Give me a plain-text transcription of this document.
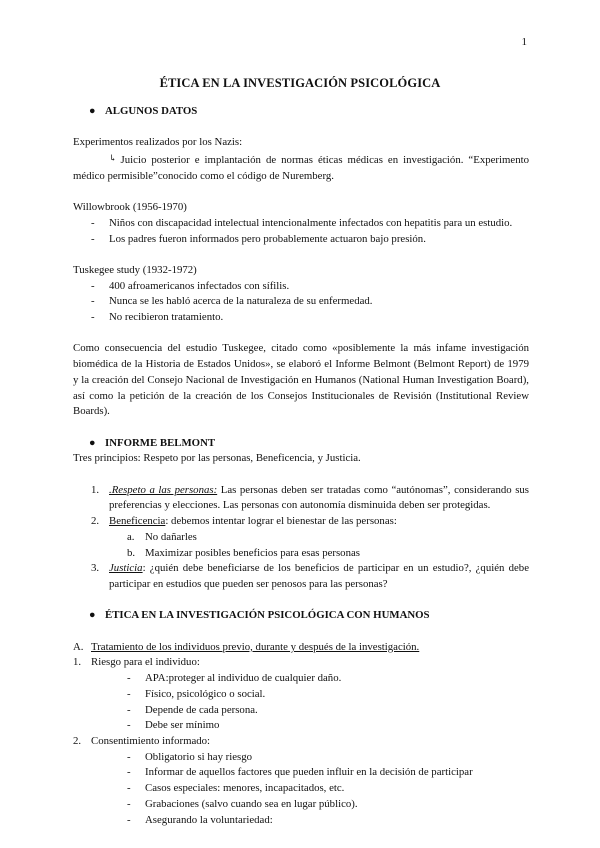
1
ÉTICA EN LA INVESTIGACIÓN PSICOLÓGICA

● ALGUNOS DATOS

Experimentos realizados por los Nazis:

↳ Juicio posterior e implantación de normas éticas médicas en investigación. “Experimento médico permisible”conocido como el código de Nuremberg.

Willowbrook (1956-1970)

- Niños con discapacidad intelectual intencionalmente infectados con hepatitis para un estudio.

- Los padres fueron informados pero probablemente actuaron bajo presión.

Tuskegee study (1932-1972)

- 400 afroamericanos infectados con sífilis.

- Nunca se les habló acerca de la naturaleza de su enfermedad.

- No recibieron tratamiento.

Como consecuencia del estudio Tuskegee, citado como «posiblemente la más infame investigación biomédica de la Historia de Estados Unidos», se elaboró el Informe Belmont (Belmont Report) de 1979 y la creación del Consejo Nacional de Investigación en Humanos (National Human Investigation Board), así como la petición de la creación de los Consejos Institucionales de Revisión (Institutional Review Boards).

● INFORME BELMONT

Tres principios: Respeto por las personas, Beneficencia, y Justicia.

1. .Respeto a las personas: Las personas deben ser tratadas como “autónomas”, considerando sus preferencias y elecciones. Las personas con autonomía disminuida deben ser protegidas.

2. Beneficencia: debemos intentar lograr el bienestar de las personas:

a. No dañarles

b. Maximizar posibles beneficios para esas personas

3. Justicia: ¿quién debe beneficiarse de los beneficios de participar en un estudio?, ¿quién debe participar en estudios que pueden ser penosos para las personas?

● ÉTICA EN LA INVESTIGACIÓN PSICOLÓGICA CON HUMANOS

A. Tratamiento de los individuos previo, durante y después de la investigación.

1. Riesgo para el individuo:

- APA:proteger al individuo de cualquier daño.

- Físico, psicológico o social.

- Depende de cada persona.

- Debe ser mínimo

2. Consentimiento informado:

- Obligatorio si hay riesgo

- Informar de aquellos factores que pueden influir en la decisión de participar

- Casos especiales: menores, incapacitados, etc.

- Grabaciones (salvo cuando sea en lugar público).

- Asegurando la voluntariedad:
